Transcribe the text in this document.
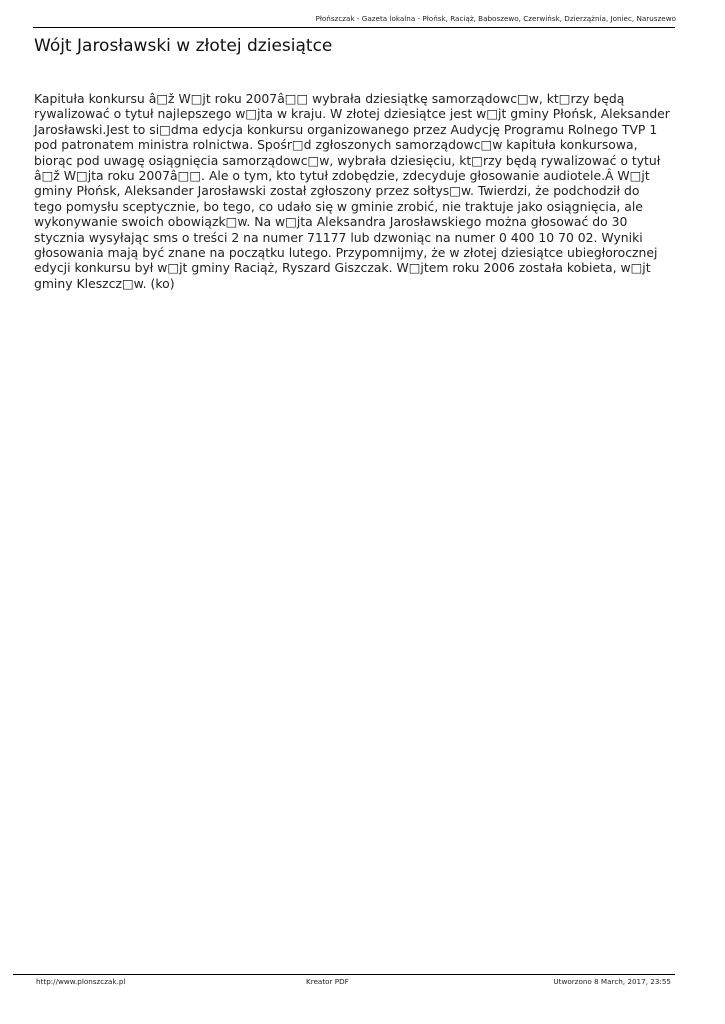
Płońszczak - Gazeta lokalna - Płońsk, Raciąż, Baboszewo, Czerwińsk, Dzierzążnia, Joniec, Naruszewo
Wójt Jarosławski w złotej dziesiątce

Kapituła konkursu â□ž W□jt roku 2007â□□ wybrała dziesiątkę samorządowc□w, kt□rzy będą rywalizować o tytuł najlepszego w□jta w kraju. W złotej dziesiątce jest w□jt gminy Płońsk, Aleksander Jarosławski.Jest to si□dma edycja konkursu organizowanego przez Audycję Programu Rolnego TVP 1 pod patronatem ministra rolnictwa. Spośr□d zgłoszonych samorządowc□w kapituła konkursowa, biorąc pod uwagę osiągnięcia samorządowc□w, wybrała dziesięciu, kt□rzy będą rywalizować o tytuł â□ž W□jta roku 2007â□□. Ale o tym, kto tytuł zdobędzie, zdecyduje głosowanie audiotele.Â W□jt gminy Płońsk, Aleksander Jarosławski został zgłoszony przez sołtys□w. Twierdzi, że podchodził do tego pomysłu sceptycznie, bo tego, co udało się w gminie zrobić, nie traktuje jako osiągnięcia, ale wykonywanie swoich obowiązk□w. Na w□jta Aleksandra Jarosławskiego można głosować do 30 stycznia wysyłając sms o treści 2 na numer 71177 lub dzwoniąc na numer 0 400 10 70 02. Wyniki głosowania mają być znane na początku lutego. Przypomnijmy, że w złotej dziesiątce ubiegłorocznej edycji konkursu był w□jt gminy Raciąż, Ryszard Giszczak. W□jtem roku 2006 została kobieta, w□jt gminy Kleszcz□w. (ko)

http://www.plonszczak.pl	Kreator PDF	Utworzono 8 March, 2017, 23:55
